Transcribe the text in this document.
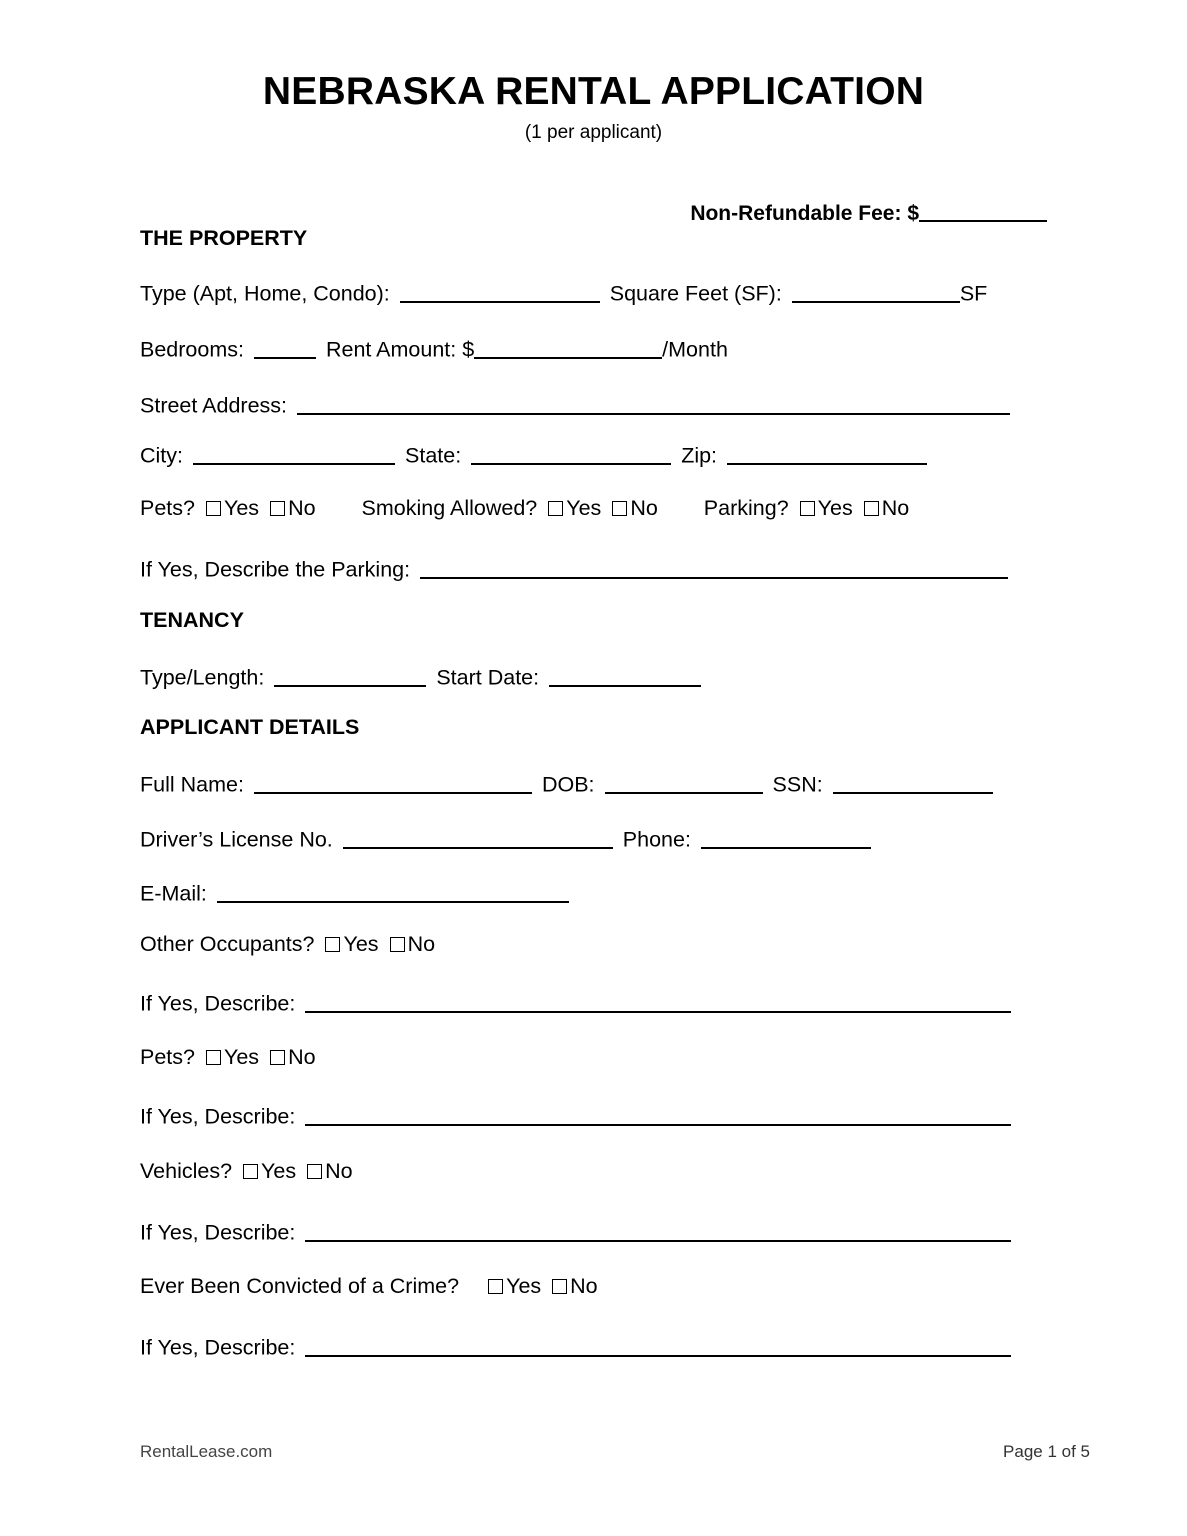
NEBRASKA RENTAL APPLICATION
(1 per applicant)
Non-Refundable Fee: $
THE PROPERTY
Type (Apt, Home, Condo):	Square Feet (SF):	SF
Bedrooms:	Rent Amount: $	/Month
Street Address:
City:	State:	Zip:
Pets? Yes No Smoking Allowed? Yes No Parking? Yes No
If Yes, Describe the Parking:
TENANCY
Type/Length:	Start Date:
APPLICANT DETAILS
Full Name:	DOB:	SSN:
Driver’s License No.	Phone:
E-Mail:
Other Occupants? Yes No
If Yes, Describe:
Pets? Yes No
If Yes, Describe:
Vehicles? Yes No
If Yes, Describe:
Ever Been Convicted of a Crime? Yes No
If Yes, Describe:
RentalLease.com	Page 1 of 5
